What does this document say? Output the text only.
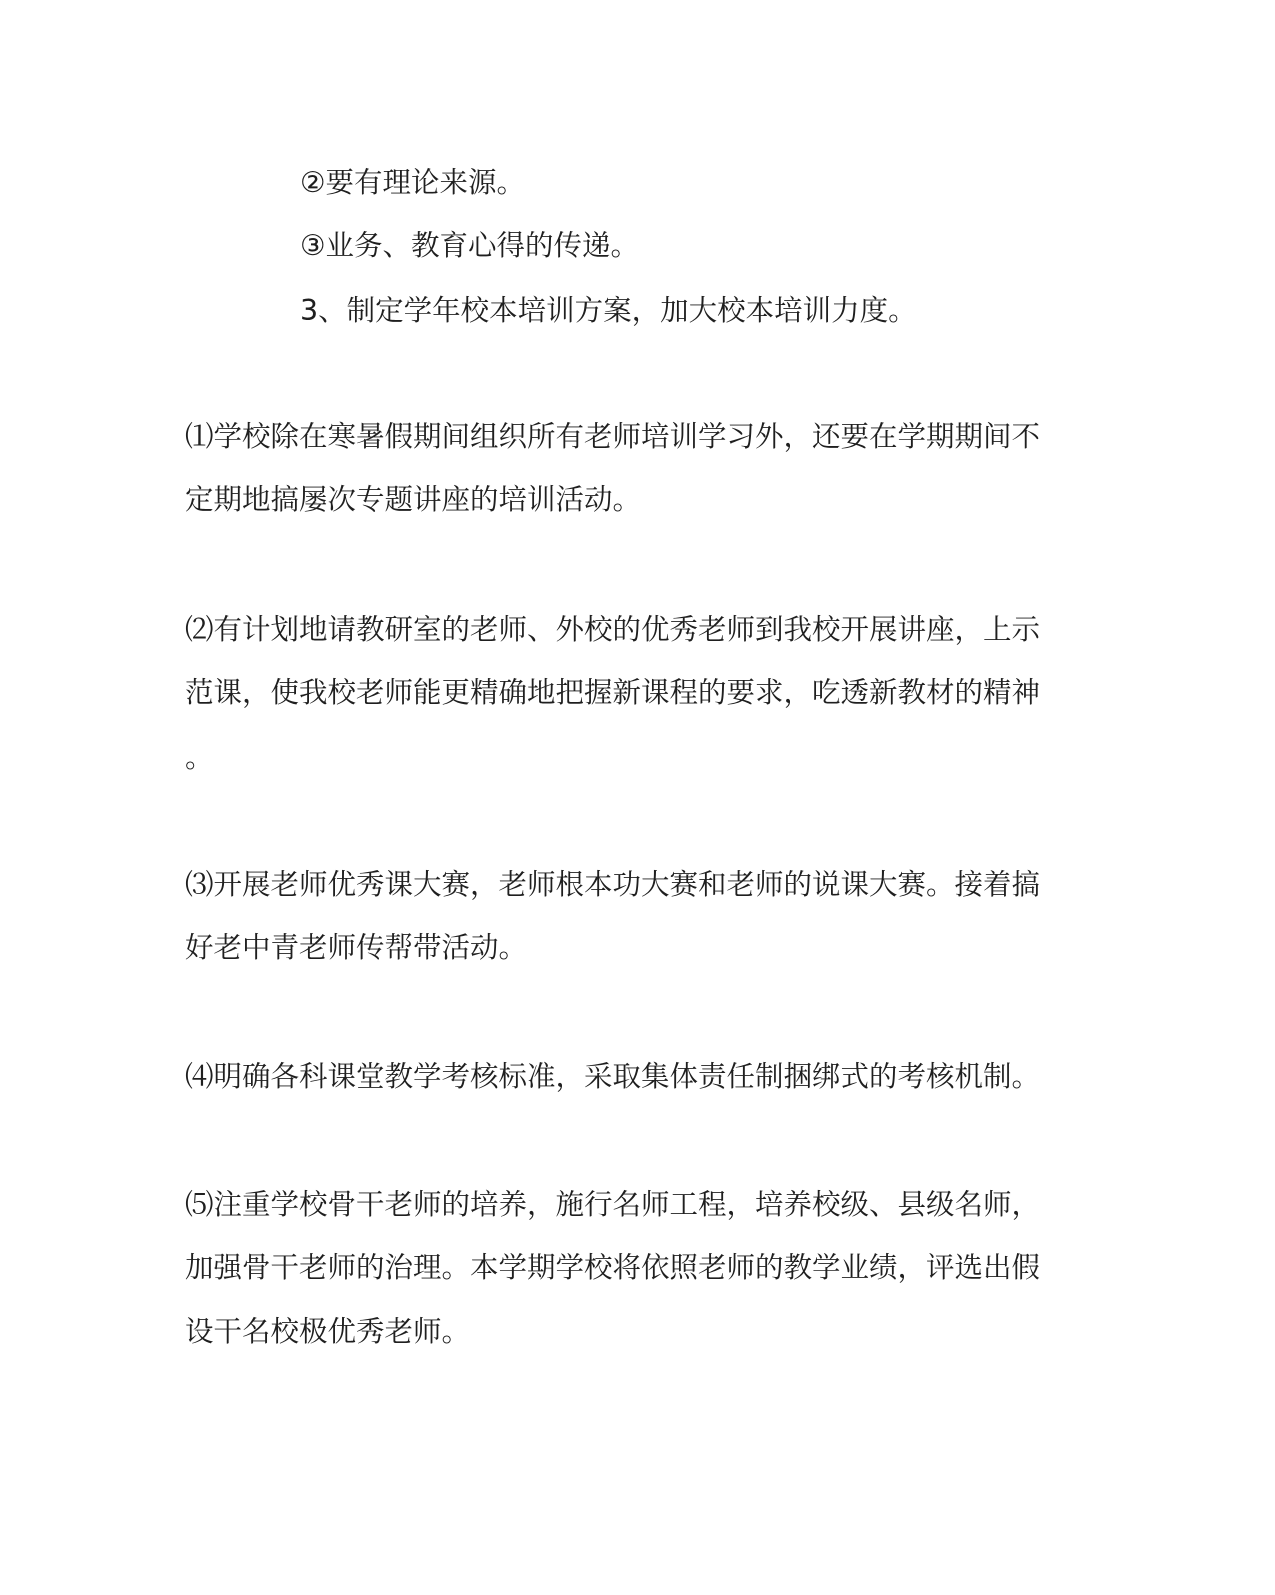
②要有理论来源。
③业务、教育心得的传递。
3、制定学年校本培训方案，加大校本培训力度。
⑴学校除在寒暑假期间组织所有老师培训学习外，还要在学期期间不
定期地搞屡次专题讲座的培训活动。
⑵有计划地请教研室的老师、外校的优秀老师到我校开展讲座，上示
范课，使我校老师能更精确地把握新课程的要求，吃透新教材的精神
。
⑶开展老师优秀课大赛，老师根本功大赛和老师的说课大赛。接着搞
好老中青老师传帮带活动。
⑷明确各科课堂教学考核标准，采取集体责任制捆绑式的考核机制。
⑸注重学校骨干老师的培养，施行名师工程，培养校级、县级名师，
加强骨干老师的治理。本学期学校将依照老师的教学业绩，评选出假
设干名校极优秀老师。
